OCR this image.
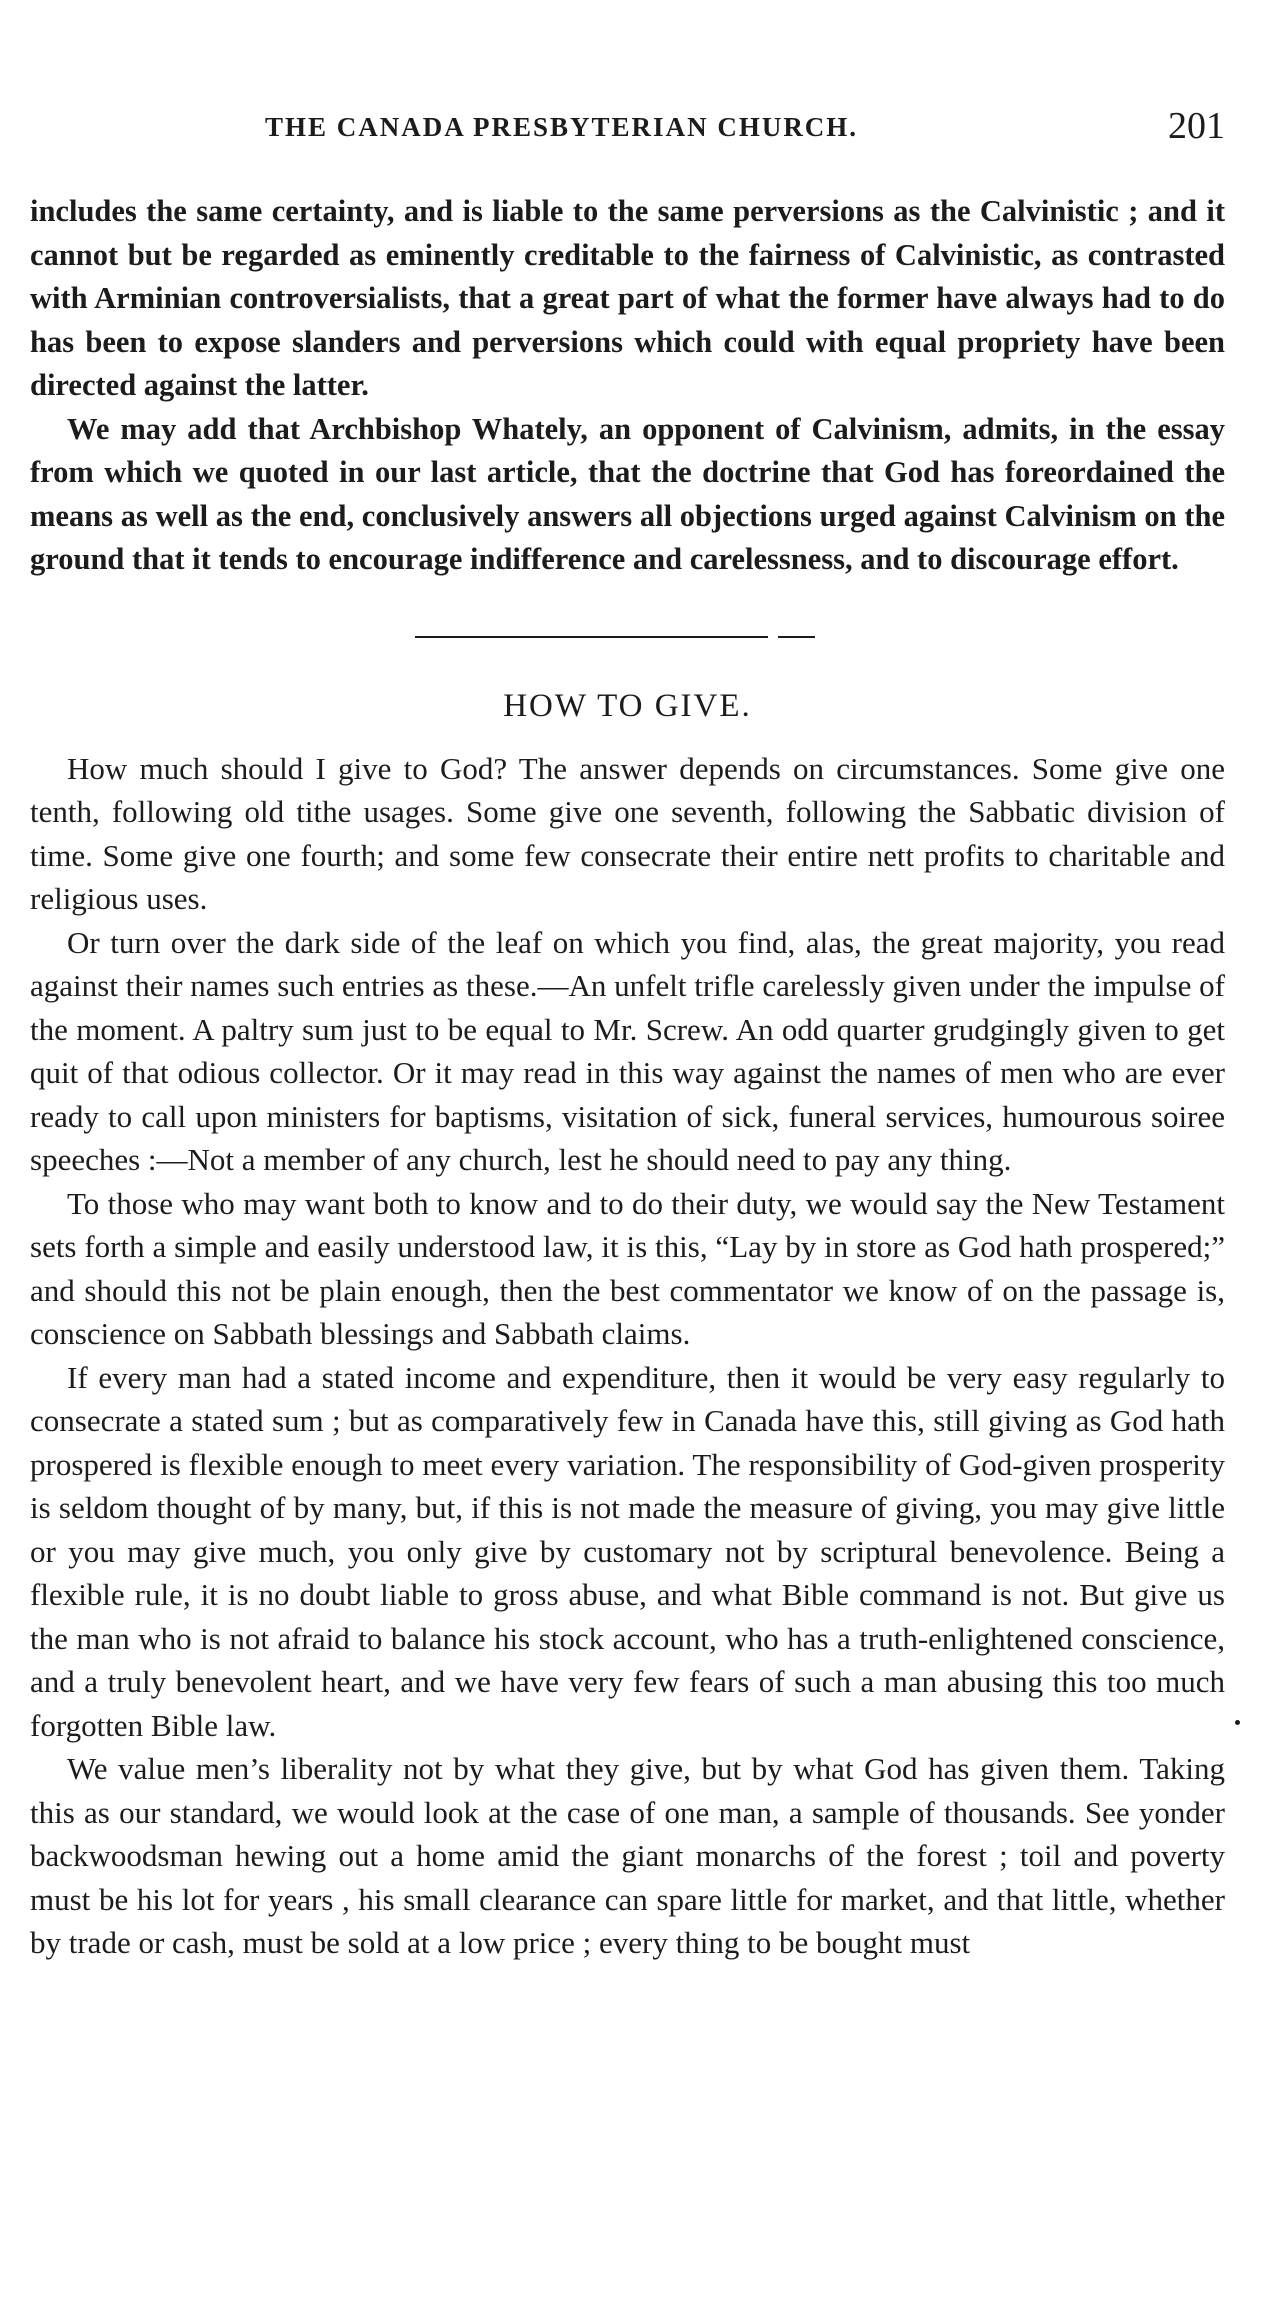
THE CANADA PRESBYTERIAN CHURCH.	201

includes the same certainty, and is liable to the same perversions as the Calvinistic ; and it cannot but be regarded as eminently creditable to the fairness of Calvinistic, as contrasted with Arminian controversialists, that a great part of what the former have always had to do has been to expose slanders and perversions which could with equal propriety have been directed against the latter.

We may add that Archbishop Whately, an opponent of Calvinism, admits, in the essay from which we quoted in our last article, that the doctrine that God has foreordained the means as well as the end, conclusively answers all objections urged against Calvinism on the ground that it tends to encourage indifference and carelessness, and to discourage effort.

HOW TO GIVE.

How much should I give to God? The answer depends on circumstances. Some give one tenth, following old tithe usages. Some give one seventh, following the Sabbatic division of time. Some give one fourth; and some few consecrate their entire nett profits to charitable and religious uses.

Or turn over the dark side of the leaf on which you find, alas, the great majority, you read against their names such entries as these.—An unfelt trifle carelessly given under the impulse of the moment. A paltry sum just to be equal to Mr. Screw. An odd quarter grudgingly given to get quit of that odious collector. Or it may read in this way against the names of men who are ever ready to call upon ministers for baptisms, visitation of sick, funeral services, humourous soiree speeches :—Not a member of any church, lest he should need to pay any thing.

To those who may want both to know and to do their duty, we would say the New Testament sets forth a simple and easily understood law, it is this, “Lay by in store as God hath prospered;” and should this not be plain enough, then the best commentator we know of on the passage is, conscience on Sabbath blessings and Sabbath claims.

If every man had a stated income and expenditure, then it would be very easy regularly to consecrate a stated sum ; but as comparatively few in Canada have this, still giving as God hath prospered is flexible enough to meet every variation. The responsibility of God-given prosperity is seldom thought of by many, but, if this is not made the measure of giving, you may give little or you may give much, you only give by customary not by scriptural benevolence. Being a flexible rule, it is no doubt liable to gross abuse, and what Bible command is not. But give us the man who is not afraid to balance his stock account, who has a truth-enlightened conscience, and a truly benevolent heart, and we have very few fears of such a man abusing this too much forgotten Bible law.

We value men’s liberality not by what they give, but by what God has given them. Taking this as our standard, we would look at the case of one man, a sample of thousands. See yonder backwoodsman hewing out a home amid the giant monarchs of the forest ; toil and poverty must be his lot for years , his small clearance can spare little for market, and that little, whether by trade or cash, must be sold at a low price ; every thing to be bought must
